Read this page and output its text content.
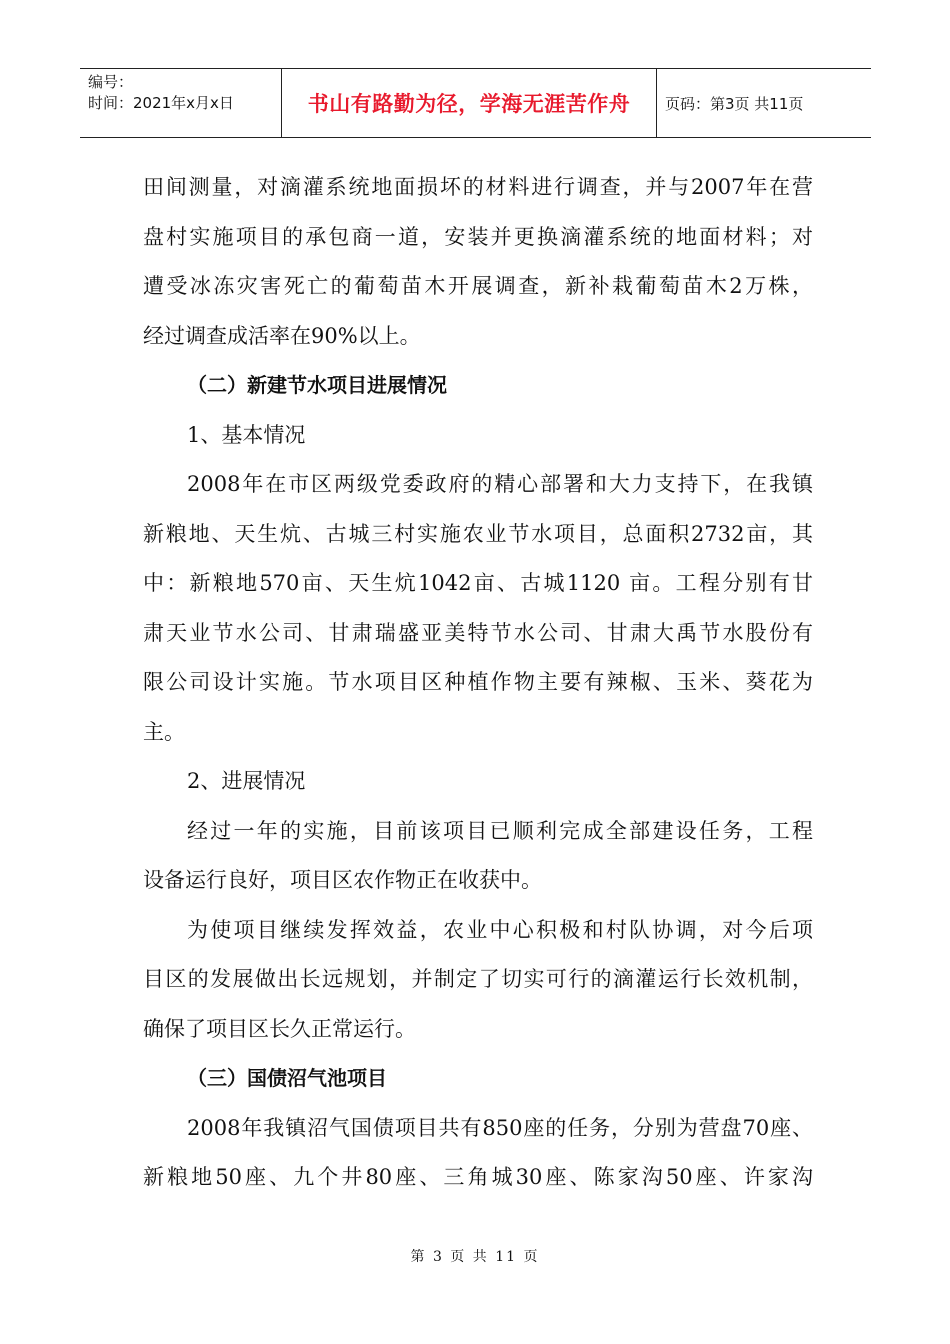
编号：
时间：2021年x月x日	书山有路勤为径，学海无涯苦作舟 页码：第3页 共11页
田间测量，对滴灌系统地面损坏的材料进行调查，并与2007年在营
盘村实施项目的承包商一道，安装并更换滴灌系统的地面材料；对
遭受冰冻灾害死亡的葡萄苗木开展调查，新补栽葡萄苗木2万株，
经过调查成活率在90%以上。
（二）新建节水项目进展情况
1、基本情况
2008年在市区两级党委政府的精心部署和大力支持下，在我镇
新粮地、天生炕、古城三村实施农业节水项目，总面积2732亩，其
中：新粮地570亩、天生炕1042亩、古城1120 亩。工程分别有甘
肃天业节水公司、甘肃瑞盛亚美特节水公司、甘肃大禹节水股份有
限公司设计实施。节水项目区种植作物主要有辣椒、玉米、葵花为
主。
2、进展情况
经过一年的实施，目前该项目已顺利完成全部建设任务，工程
设备运行良好，项目区农作物正在收获中。
为使项目继续发挥效益，农业中心积极和村队协调，对今后项
目区的发展做出长远规划，并制定了切实可行的滴灌运行长效机制，
确保了项目区长久正常运行。
（三）国债沼气池项目
2008年我镇沼气国债项目共有850座的任务，分别为营盘70座、
新粮地50座、九个井80座、三角城30座、陈家沟50座、许家沟
第 3 页 共 11 页
